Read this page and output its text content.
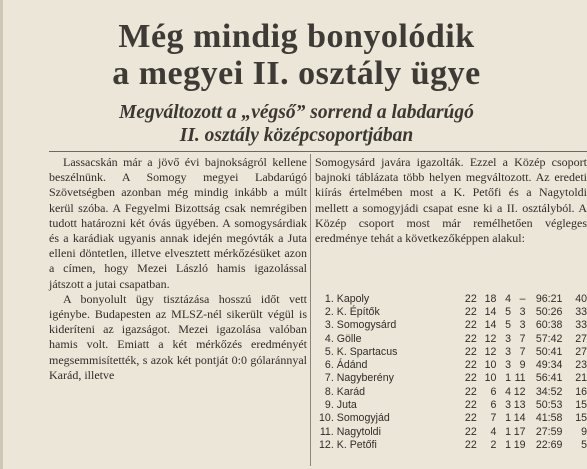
Még mindig bonyolódik
a megyei II. osztály ügye
Megváltozott a „végső” sorrend a labdarúgó
II. osztály középcsoportjában

Lassacskán már a jövő évi bajnokságról kellene beszélnünk. A Somogy megyei Labdarúgó Szövetségben azonban még mindig inkább a múlt kerül szóba. A Fegyelmi Bizottság csak nemrégiben tudott határozni két óvás ügyében. A somogysárdiak és a karádiak ugyanis annak idején megóvták a Juta elleni döntetlen, illetve elvesztett mérkőzésüket azon a címen, hogy Mezei László hamis igazolással játszott a jutai csapatban.

A bonyolult ügy tisztázása hosszú időt vett igénybe. Budapesten az MLSZ-nél sikerült végül is kideríteni az igazságot. Mezei igazolása valóban hamis volt. Emiatt a két mérkőzés eredményét megsemmisítették, s azok két pontját 0:0 gólaránnyal Karád, illetve

Somogysárd javára igazolták. Ezzel a Közép csoport bajnoki táblázata több helyen megváltozott. Az eredeti kiírás értelmében most a K. Petőfi és a Nagytoldi mellett a somogyjádi csapat esne ki a II. osztályból. A Közép csoport most már remélhetően végleges eredménye tehát a következőképpen alakul:

1.	Kapoly	22	18	4	–	96:21	40
2.	K. Építők	22	14	5	3	50:26	33
3.	Somogysárd	22	14	5	3	60:38	33
4.	Gölle	22	12	3	7	57:42	27
5.	K. Spartacus	22	12	3	7	50:41	27
6.	Ádánd	22	10	3	9	49:34	23
7.	Nagyberény	22	10	1	11	56:41	21
8.	Karád	22	6	4	12	34:52	16
9.	Juta	22	6	3	13	50:53	15
10.	Somogyjád	22	7	1	14	41:58	15
11.	Nagytoldi	22	4	1	17	27:59	9
12.	K. Petőfi	22	2	1	19	22:69	5
